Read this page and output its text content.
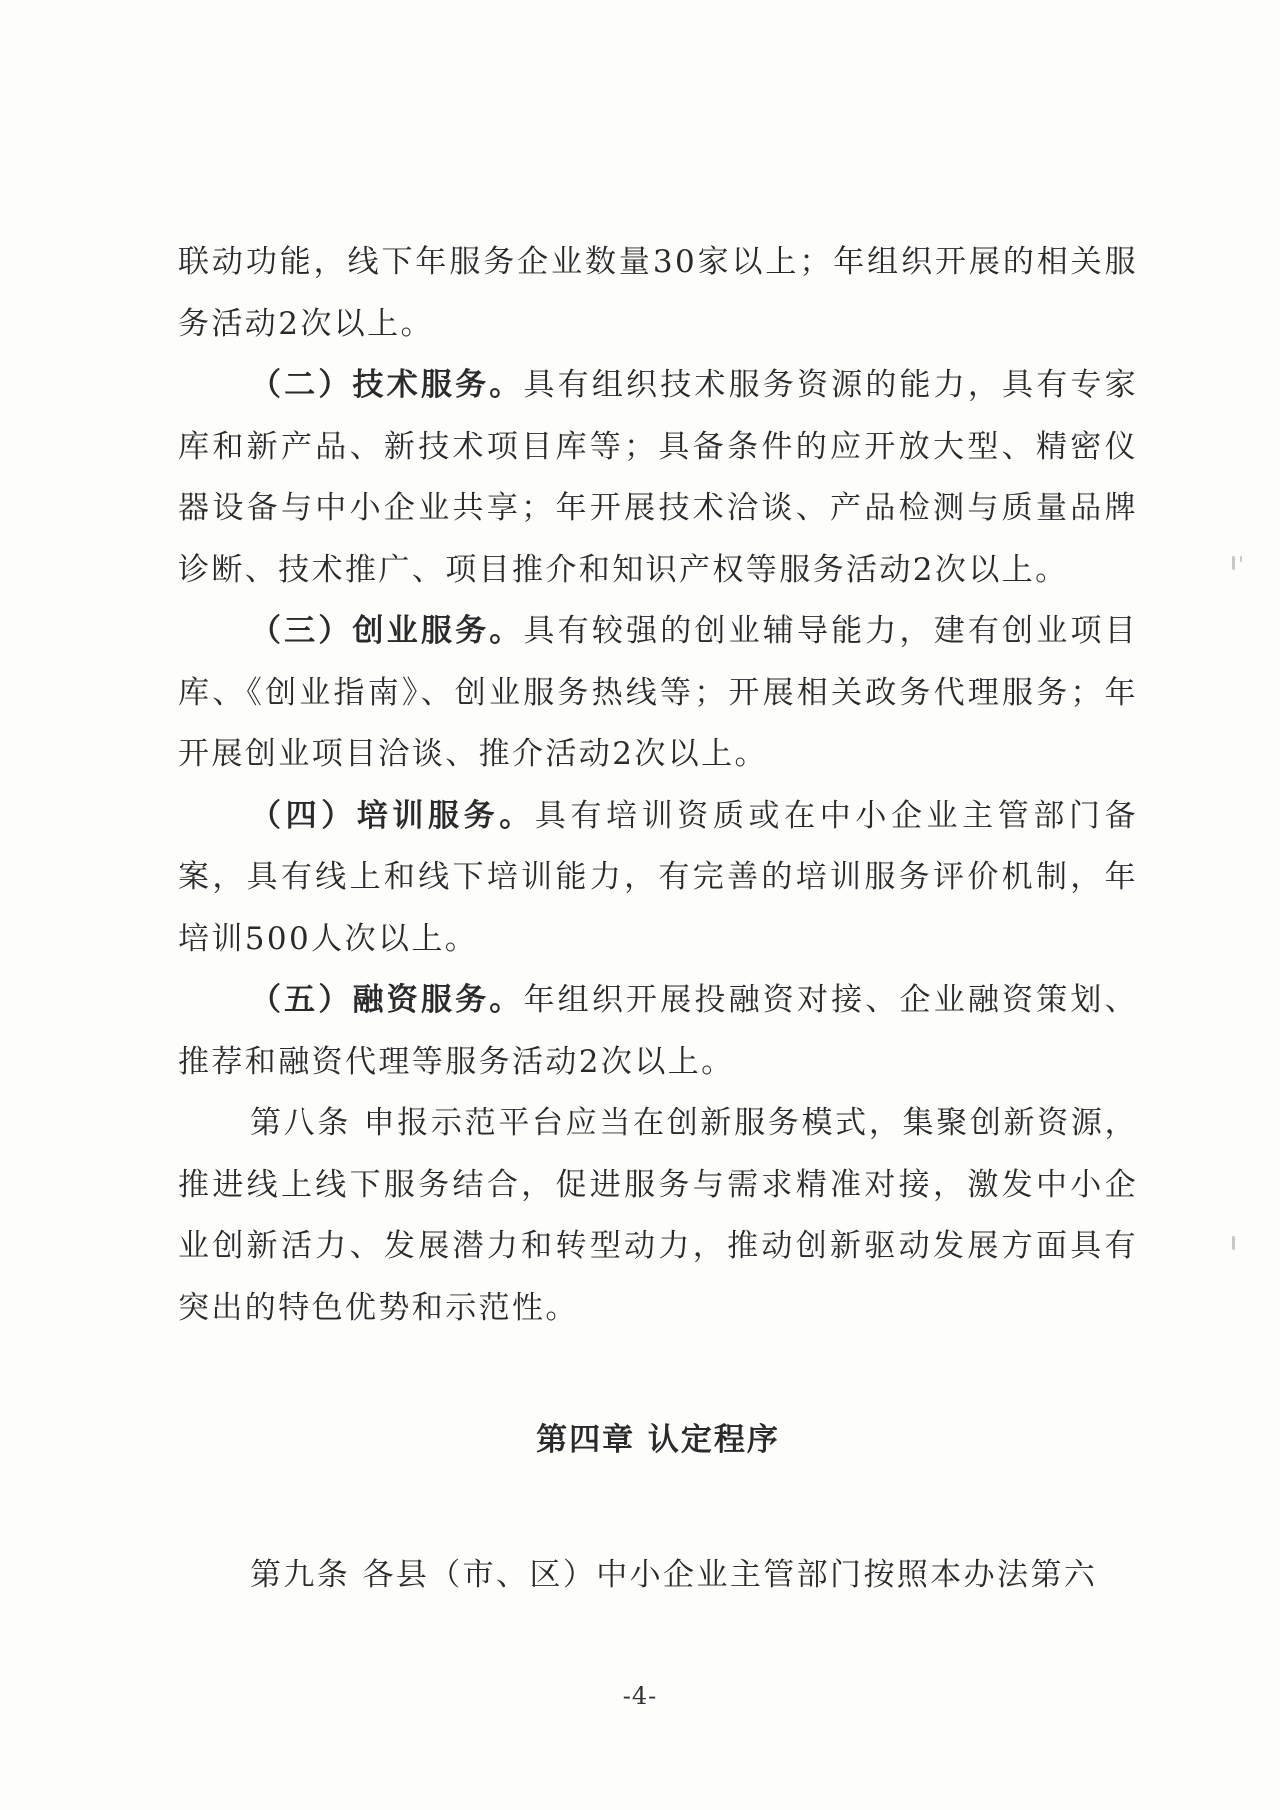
联动功能，线下年服务企业数量30家以上；年组织开展的相关服务活动2次以上。

（二）技术服务。具有组织技术服务资源的能力，具有专家库和新产品、新技术项目库等；具备条件的应开放大型、精密仪器设备与中小企业共享；年开展技术洽谈、产品检测与质量品牌诊断、技术推广、项目推介和知识产权等服务活动2次以上。

（三）创业服务。具有较强的创业辅导能力，建有创业项目库、《创业指南》、创业服务热线等；开展相关政务代理服务；年开展创业项目洽谈、推介活动2次以上。

（四）培训服务。具有培训资质或在中小企业主管部门备案，具有线上和线下培训能力，有完善的培训服务评价机制，年培训500人次以上。

（五）融资服务。年组织开展投融资对接、企业融资策划、推荐和融资代理等服务活动2次以上。

第八条 申报示范平台应当在创新服务模式，集聚创新资源，推进线上线下服务结合，促进服务与需求精准对接，激发中小企业创新活力、发展潜力和转型动力，推动创新驱动发展方面具有突出的特色优势和示范性。

第四章 认定程序

第九条 各县（市、区）中小企业主管部门按照本办法第六

-4-
